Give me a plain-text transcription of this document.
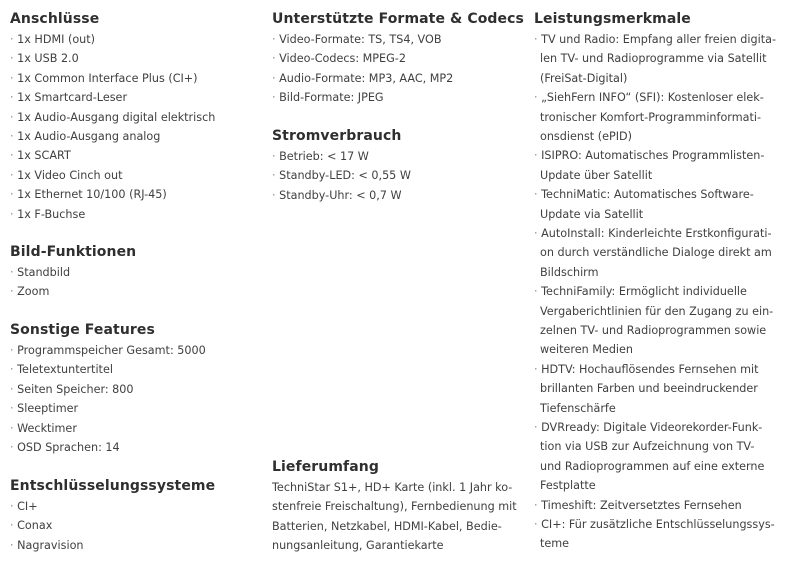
Anschlüsse
· 1x HDMI (out)
· 1x USB 2.0
· 1x Common Interface Plus (CI+)
· 1x Smartcard-Leser
· 1x Audio-Ausgang digital elektrisch
· 1x Audio-Ausgang analog
· 1x SCART
· 1x Video Cinch out
· 1x Ethernet 10/100 (RJ-45)
· 1x F-Buchse
Bild-Funktionen
· Standbild
· Zoom
Sonstige Features
· Programmspeicher Gesamt: 5000
· Teletextuntertitel
· Seiten Speicher: 800
· Sleeptimer
· Wecktimer
· OSD Sprachen: 14
Entschlüsselungssysteme
· CI+
· Conax
· Nagravision
Unterstützte Formate & Codecs
· Video-Formate: TS, TS4, VOB
· Video-Codecs: MPEG-2
· Audio-Formate: MP3, AAC, MP2
· Bild-Formate: JPEG
Stromverbrauch
· Betrieb: < 17 W
· Standby-LED: < 0,55 W
· Standby-Uhr: < 0,7 W
Lieferumfang

TechniStar S1+, HD+ Karte (inkl. 1 Jahr ko-
stenfreie Freischaltung), Fernbedienung mit
Batterien, Netzkabel, HDMI-Kabel, Bedie-
nungsanleitung, Garantiekarte

Leistungsmerkmale
· TV und Radio: Empfang aller freien digita-
len TV- und Radioprogramme via Satellit
(FreiSat-Digital)
· „SiehFern INFO“ (SFI): Kostenloser elek-
tronischer Komfort-Programminformati-
onsdienst (ePID)
· ISIPRO: Automatisches Programmlisten-
Update über Satellit
· TechniMatic: Automatisches Software-
Update via Satellit
· AutoInstall: Kinderleichte Erstkonfigurati-
on durch verständliche Dialoge direkt am
Bildschirm
· TechniFamily: Ermöglicht individuelle
Vergaberichtlinien für den Zugang zu ein-
zelnen TV- und Radioprogrammen sowie
weiteren Medien
· HDTV: Hochauflösendes Fernsehen mit
brillanten Farben und beeindruckender
Tiefenschärfe
· DVRready: Digitale Videorekorder-Funk-
tion via USB zur Aufzeichnung von TV-
und Radioprogrammen auf eine externe
Festplatte
· Timeshift: Zeitversetztes Fernsehen
· CI+: Für zusätzliche Entschlüsselungssys-
teme
